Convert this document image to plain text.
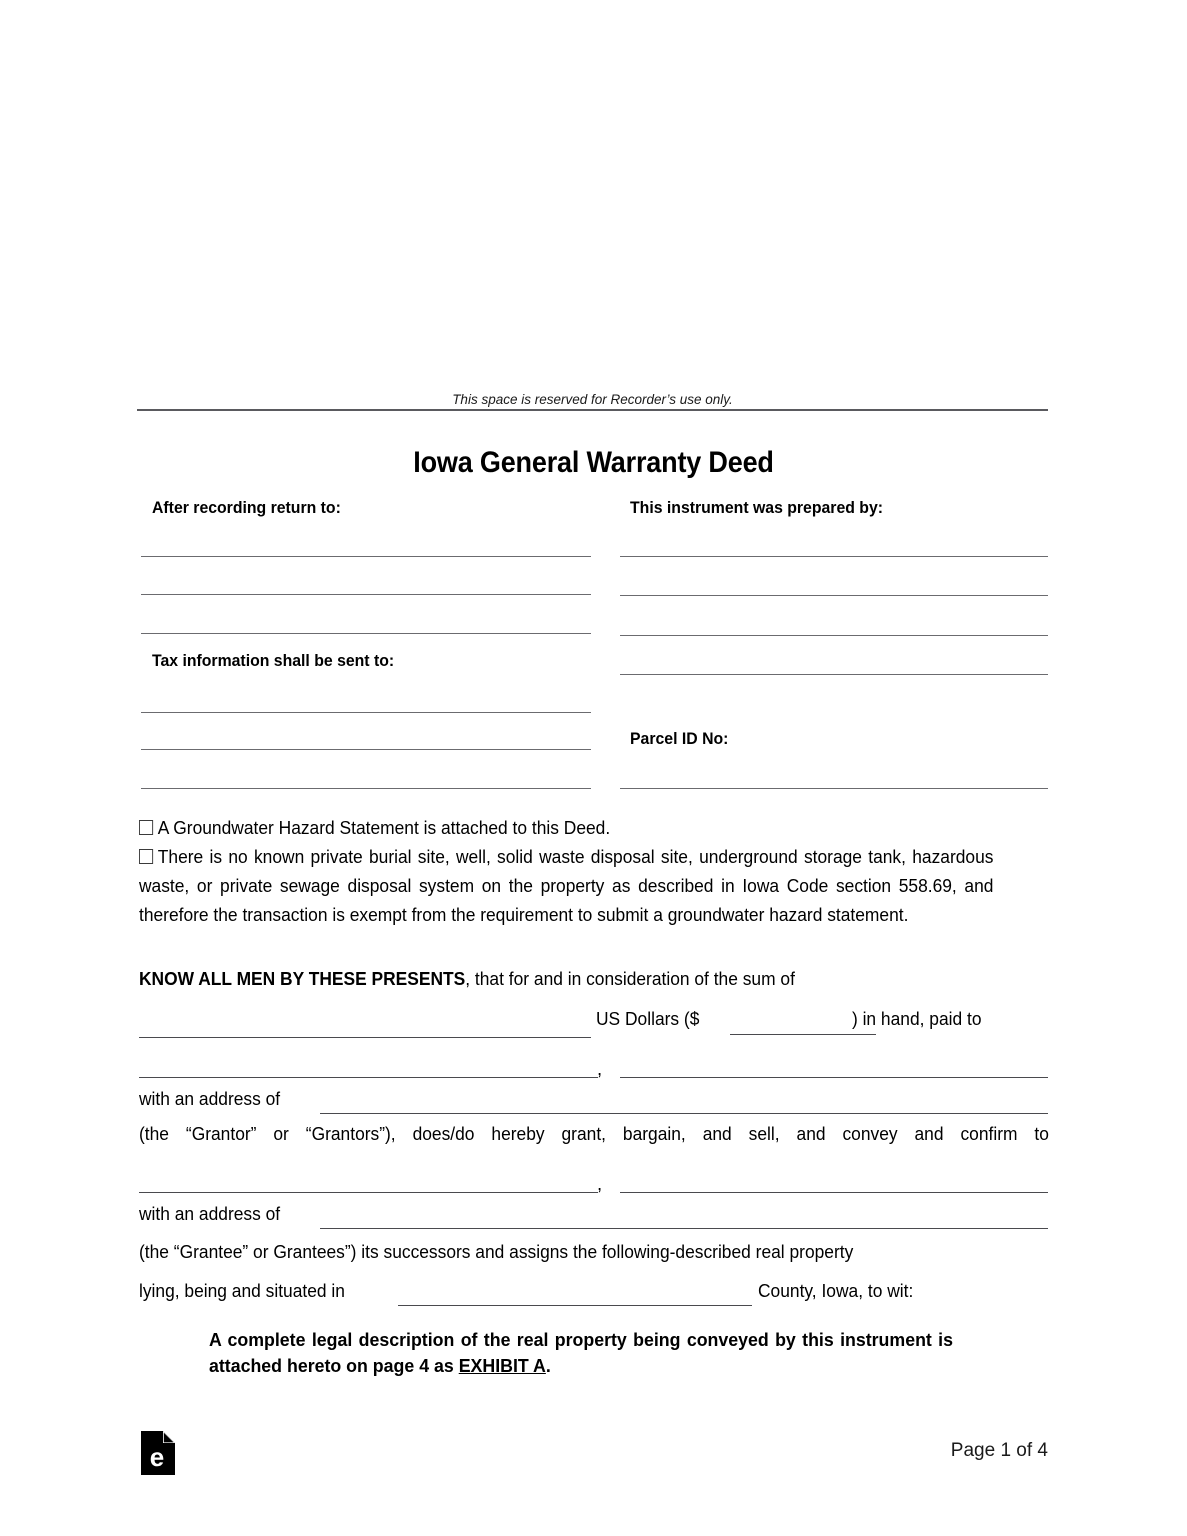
This space is reserved for Recorder’s use only.
Iowa General Warranty Deed
After recording return to:	This instrument was prepared by:
Tax information shall be sent to:
Parcel ID No:
A Groundwater Hazard Statement is attached to this Deed.
There is no known private burial site, well, solid waste disposal site, underground storage tank, hazardous waste, or private sewage disposal system on the property as described in Iowa Code section 558.69, and therefore the transaction is exempt from the requirement to submit a groundwater hazard statement.
KNOW ALL MEN BY THESE PRESENTS, that for and in consideration of the sum of
US Dollars ($	) in hand, paid to
,
with an address of
(the “Grantor” or “Grantors”), does/do hereby grant, bargain, and sell, and convey and confirm to
,
with an address of
(the “Grantee” or Grantees”) its successors and assigns the following-described real property
lying, being and situated in	County, Iowa, to wit:
A complete legal description of the real property being conveyed by this instrument is attached hereto on page 4 as EXHIBIT A.
e	Page 1 of 4
